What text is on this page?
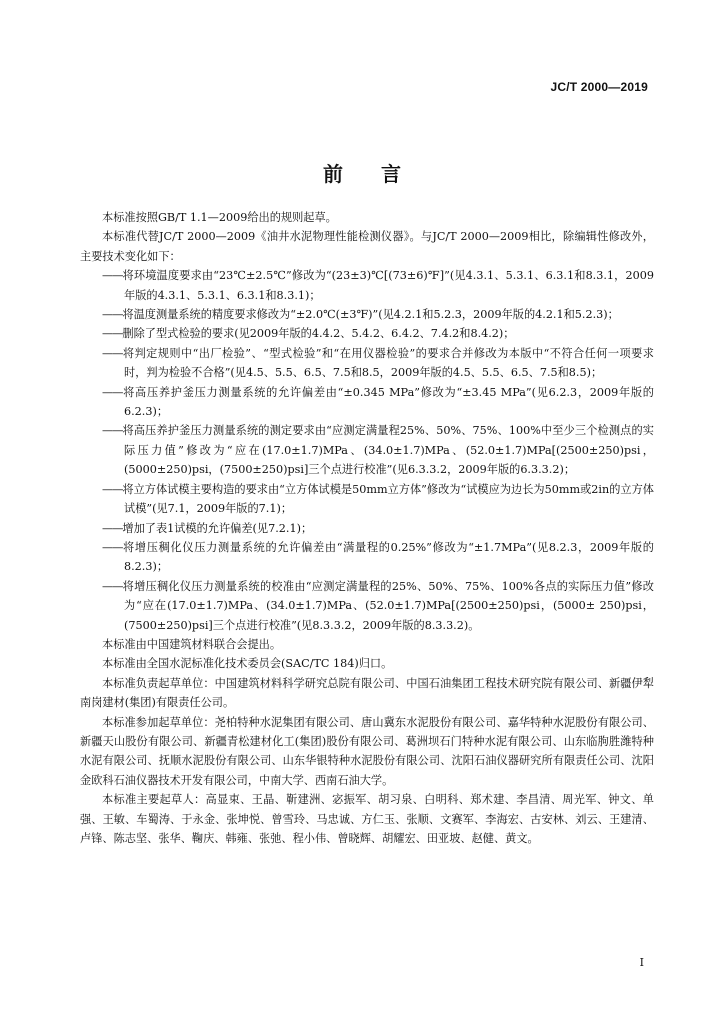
JC/T 2000—2019
前言

本标准按照GB/T 1.1—2009给出的规则起草。

本标准代替JC/T 2000—2009《油井水泥物理性能检测仪器》。与JC/T 2000—2009相比，除编辑性修改外，主要技术变化如下：

——将环境温度要求由“23℃±2.5℃”修改为“(23±3)℃[(73±6)℉]”(见4.3.1、5.3.1、6.3.1和8.3.1，2009年版的4.3.1、5.3.1、6.3.1和8.3.1)；

——将温度测量系统的精度要求修改为“±2.0℃(±3℉)”(见4.2.1和5.2.3，2009年版的4.2.1和5.2.3)；

——删除了型式检验的要求(见2009年版的4.4.2、5.4.2、6.4.2、7.4.2和8.4.2)；

——将判定规则中“出厂检验”、“型式检验”和“在用仪器检验”的要求合并修改为本版中“不符合任何一项要求时，判为检验不合格”(见4.5、5.5、6.5、7.5和8.5，2009年版的4.5、5.5、6.5、7.5和8.5)；

——将高压养护釜压力测量系统的允许偏差由“±0.345 MPa”修改为“±3.45 MPa”(见6.2.3，2009年版的6.2.3)；

——将高压养护釜压力测量系统的测定要求由“应测定满量程25%、50%、75%、100%中至少三个检测点的实际压力值”修改为“应在(17.0±1.7)MPa、(34.0±1.7)MPa、(52.0±1.7)MPa[(2500±250)psi，(5000±250)psi，(7500±250)psi]三个点进行校准”(见6.3.3.2，2009年版的6.3.3.2)；

——将立方体试模主要构造的要求由“立方体试模是50mm立方体”修改为“试模应为边长为50mm或2in的立方体试模”(见7.1，2009年版的7.1)；

——增加了表1试模的允许偏差(见7.2.1)；

——将增压稠化仪压力测量系统的允许偏差由“满量程的0.25%”修改为“±1.7MPa”(见8.2.3，2009年版的8.2.3)；

——将增压稠化仪压力测量系统的校准由“应测定满量程的25%、50%、75%、100%各点的实际压力值”修改为“应在(17.0±1.7)MPa、(34.0±1.7)MPa、(52.0±1.7)MPa[(2500±250)psi，(5000± 250)psi，(7500±250)psi]三个点进行校准”(见8.3.3.2，2009年版的8.3.3.2)。

本标准由中国建筑材料联合会提出。

本标准由全国水泥标准化技术委员会(SAC/TC 184)归口。

本标准负责起草单位：中国建筑材料科学研究总院有限公司、中国石油集团工程技术研究院有限公司、新疆伊犁南岗建材(集团)有限责任公司。

本标准参加起草单位：尧柏特种水泥集团有限公司、唐山冀东水泥股份有限公司、嘉华特种水泥股份有限公司、新疆天山股份有限公司、新疆青松建材化工(集团)股份有限公司、葛洲坝石门特种水泥有限公司、山东临朐胜潍特种水泥有限公司、抚顺水泥股份有限公司、山东华银特种水泥股份有限公司、沈阳石油仪器研究所有限责任公司、沈阳金欧科石油仪器技术开发有限公司，中南大学、西南石油大学。

本标准主要起草人：高显束、王晶、靳建洲、宓振军、胡习泉、白明科、郑术建、李昌清、周光军、钟文、单强、王敏、车蜀涛、于永金、张坤悦、曾雪玲、马忠诚、方仁玉、张顺、文赛军、李海宏、古安林、刘云、王建清、卢锋、陈志坚、张华、鞠庆、韩雍、张弛、程小伟、曾晓辉、胡耀宏、田亚坡、赵健、黄文。

I
